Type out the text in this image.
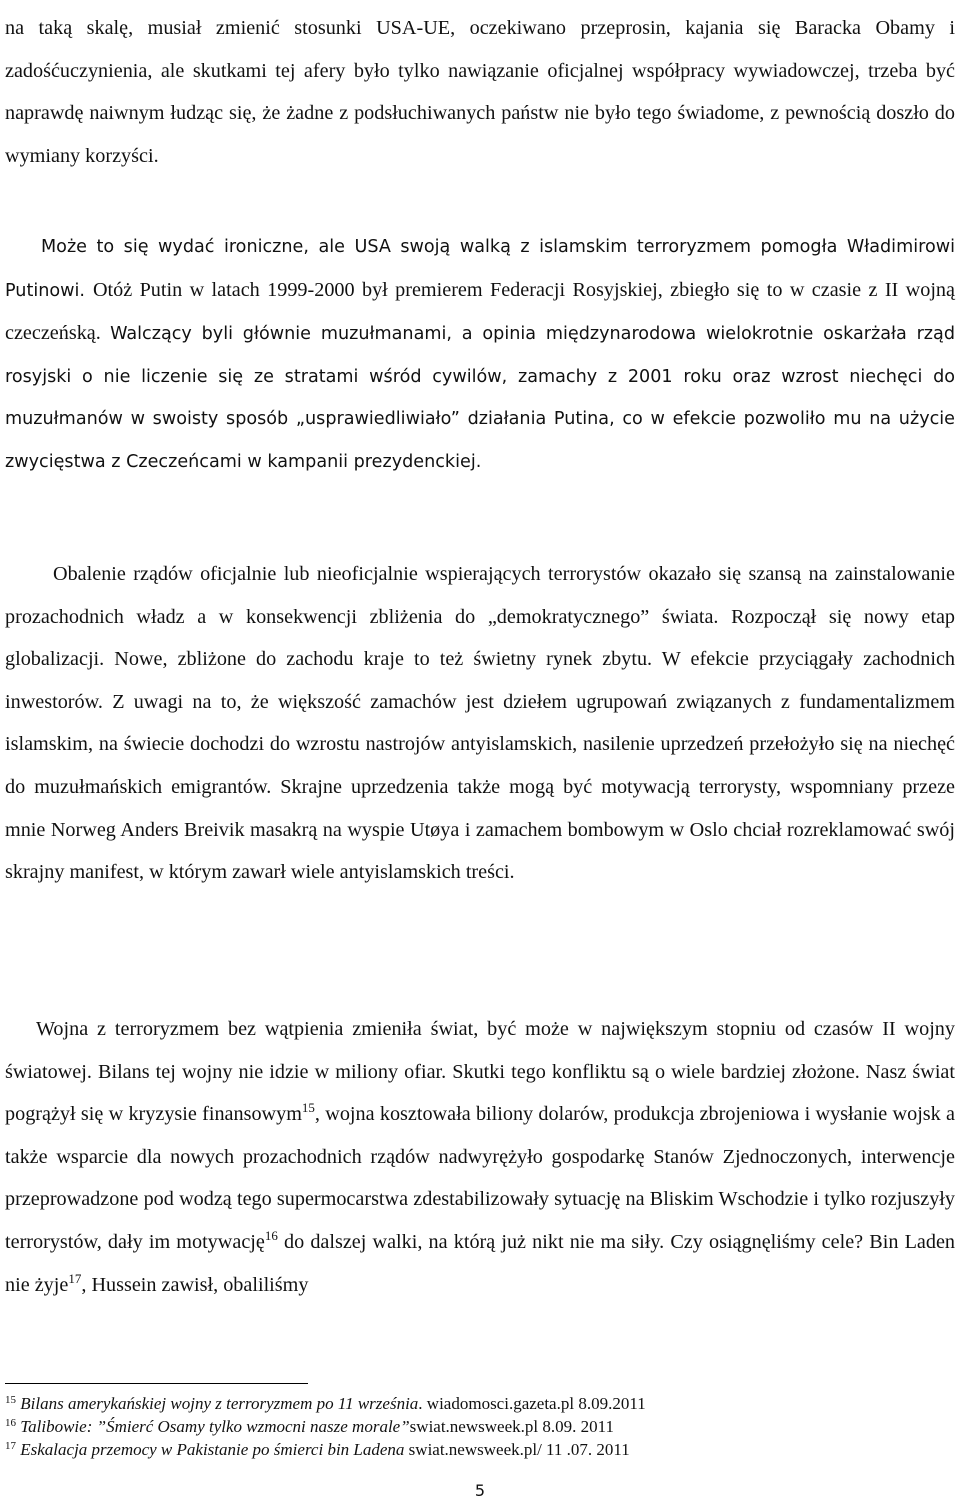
na taką skalę, musiał zmienić stosunki USA-UE, oczekiwano przeprosin, kajania się Baracka Obamy i zadośćuczynienia, ale skutkami tej afery było tylko nawiązanie oficjalnej współpracy wywiadowczej, trzeba być naprawdę naiwnym łudząc się, że żadne z podsłuchiwanych państw nie było tego świadome, z pewnością doszło do wymiany korzyści.

Może to się wydać ironiczne, ale USA swoją walką z islamskim terroryzmem pomogła Władimirowi Putinowi. Otóż Putin w latach 1999-2000 był premierem Federacji Rosyjskiej, zbiegło się to w czasie z II wojną czeczeńską. Walczący byli głównie muzułmanami, a opinia międzynarodowa wielokrotnie oskarżała rząd rosyjski o nie liczenie się ze stratami wśród cywilów, zamachy z 2001 roku oraz wzrost niechęci do muzułmanów w swoisty sposób „usprawiedliwiało” działania Putina, co w efekcie pozwoliło mu na użycie zwycięstwa z Czeczeńcami w kampanii prezydenckiej.

Obalenie rządów oficjalnie lub nieoficjalnie wspierających terrorystów okazało się szansą na zainstalowanie prozachodnich władz a w konsekwencji zbliżenia do „demokratycznego” świata. Rozpoczął się nowy etap globalizacji. Nowe, zbliżone do zachodu kraje to też świetny rynek zbytu. W efekcie przyciągały zachodnich inwestorów. Z uwagi na to, że większość zamachów jest dziełem ugrupowań związanych z fundamentalizmem islamskim, na świecie dochodzi do wzrostu nastrojów antyislamskich, nasilenie uprzedzeń przełożyło się na niechęć do muzułmańskich emigrantów. Skrajne uprzedzenia także mogą być motywacją terrorysty, wspomniany przeze mnie Norweg Anders Breivik masakrą na wyspie Utøya i zamachem bombowym w Oslo chciał rozreklamować swój skrajny manifest, w którym zawarł wiele antyislamskich treści.

Wojna z terroryzmem bez wątpienia zmieniła świat, być może w największym stopniu od czasów II wojny światowej. Bilans tej wojny nie idzie w miliony ofiar. Skutki tego konfliktu są o wiele bardziej złożone. Nasz świat pogrążył się w kryzysie finansowym$^{15}$, wojna kosztowała biliony dolarów, produkcja zbrojeniowa i wysłanie wojsk a także wsparcie dla nowych prozachodnich rządów nadwyrężyło gospodarkę Stanów Zjednoczonych, interwencje przeprowadzone pod wodzą tego supermocarstwa zdestabilizowały sytuację na Bliskim Wschodzie i tylko rozjuszyły terrorystów, dały im motywację$^{16}$ do dalszej walki, na którą już nikt nie ma siły. Czy osiągnęliśmy cele? Bin Laden nie żyje$^{17}$, Hussein zawisł, obaliliśmy

$^{15}$ Bilans amerykańskiej wojny z terroryzmem po 11 września. wiadomosci.gazeta.pl 8.09.2011
$^{16}$ Talibowie: ”Śmierć Osamy tylko wzmocni nasze morale”swiat.newsweek.pl 8.09. 2011
$^{17}$ Eskalacja przemocy w Pakistanie po śmierci bin Ladena swiat.newsweek.pl/ 11 .07. 2011
5
